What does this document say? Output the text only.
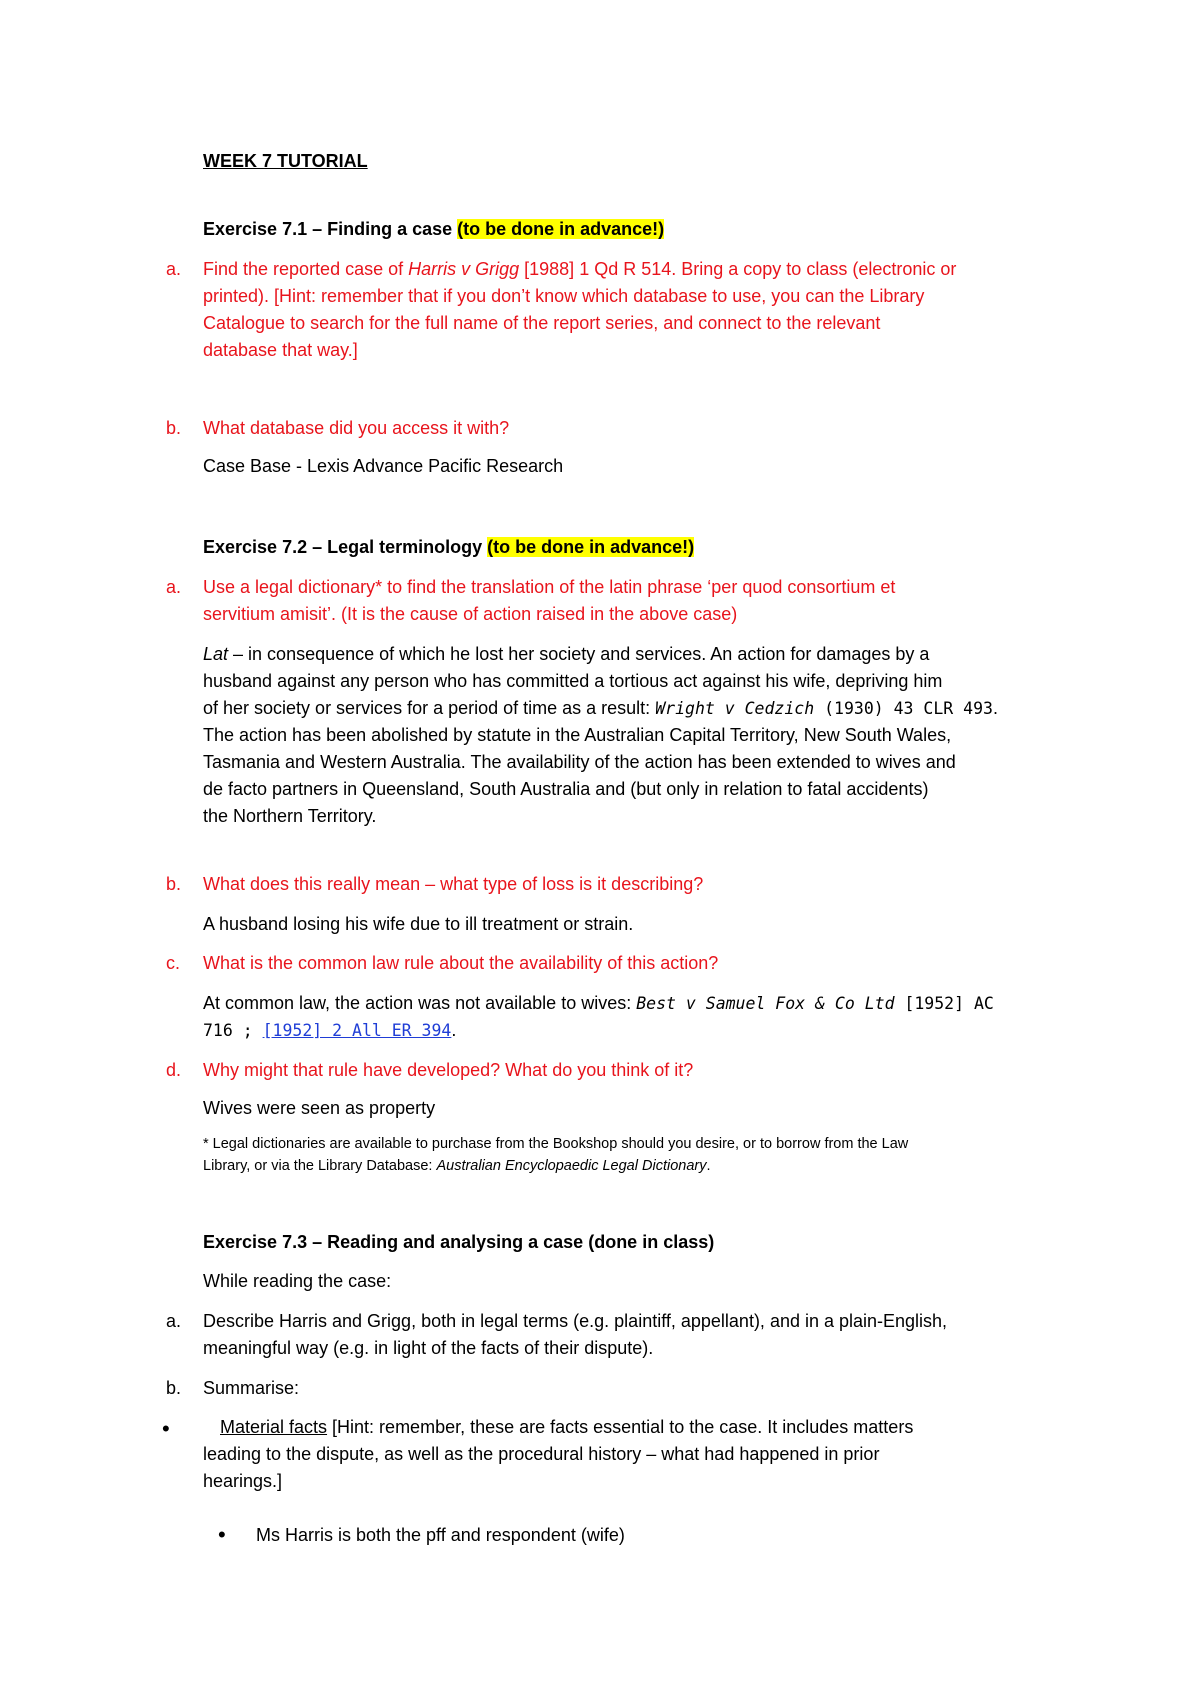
WEEK 7 TUTORIAL
Exercise 7.1 – Finding a case (to be done in advance!)
a. Find the reported case of Harris v Grigg [1988] 1 Qd R 514. Bring a copy to class (electronic or
printed). [Hint: remember that if you don’t know which database to use, you can the Library
Catalogue to search for the full name of the report series, and connect to the relevant
database that way.]
b. What database did you access it with?
Case Base - Lexis Advance Pacific Research
Exercise 7.2 – Legal terminology (to be done in advance!)
a. Use a legal dictionary* to find the translation of the latin phrase ‘per quod consortium et
servitium amisit’. (It is the cause of action raised in the above case)
Lat – in consequence of which he lost her society and services. An action for damages by a
husband against any person who has committed a tortious act against his wife, depriving him
of her society or services for a period of time as a result: Wright v Cedzich (1930) 43 CLR 493.
The action has been abolished by statute in the Australian Capital Territory, New South Wales,
Tasmania and Western Australia. The availability of the action has been extended to wives and
de facto partners in Queensland, South Australia and (but only in relation to fatal accidents)
the Northern Territory.
b. What does this really mean – what type of loss is it describing?
A husband losing his wife due to ill treatment or strain.
c. What is the common law rule about the availability of this action?
At common law, the action was not available to wives: Best v Samuel Fox & Co Ltd [1952] AC
716 ; [1952] 2 All ER 394.
d. Why might that rule have developed? What do you think of it?
Wives were seen as property
* Legal dictionaries are available to purchase from the Bookshop should you desire, or to borrow from the Law
Library, or via the Library Database: Australian Encyclopaedic Legal Dictionary.
Exercise 7.3 – Reading and analysing a case (done in class)
While reading the case:
a. Describe Harris and Grigg, both in legal terms (e.g. plaintiff, appellant), and in a plain-English,
meaningful way (e.g. in light of the facts of their dispute).
b. Summarise:
•	Material facts [Hint: remember, these are facts essential to the case. It includes matters
leading to the dispute, as well as the procedural history – what had happened in prior
hearings.]
• Ms Harris is both the pff and respondent (wife)
